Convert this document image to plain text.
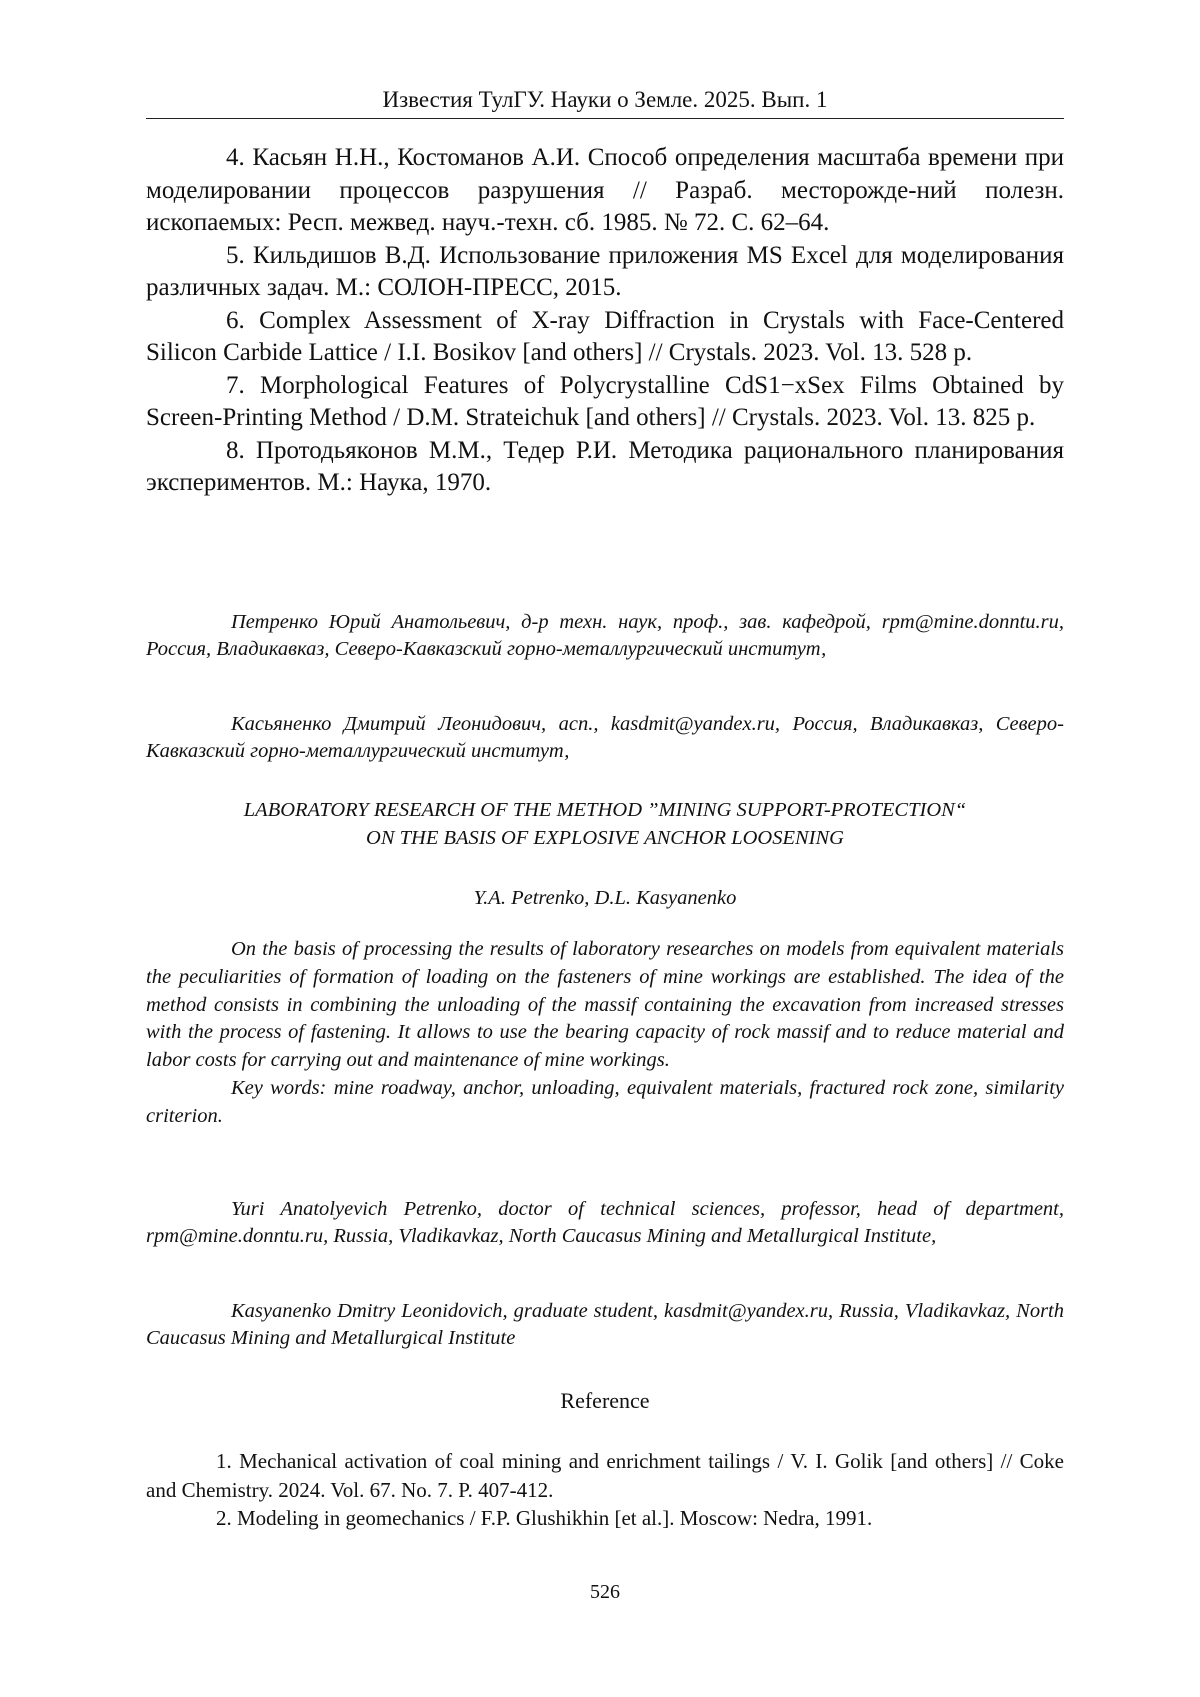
Известия ТулГУ. Науки о Земле. 2025. Вып. 1

4. Касьян Н.Н., Костоманов А.И. Способ определения масштаба времени при моделировании процессов разрушения // Разраб. месторожде-ний полезн. ископаемых: Респ. межвед. науч.-техн. сб. 1985. № 72. С. 62–64.

5. Кильдишов В.Д. Использование приложения MS Excel для моделирования различных задач. М.: СОЛОН-ПРЕСС, 2015.

6. Complex Assessment of X-ray Diffraction in Crystals with Face-Centered Silicon Carbide Lattice / I.I. Bosikov [and others] // Crystals. 2023. Vol. 13. 528 p.

7. Morphological Features of Polycrystalline CdS1−xSex Films Obtained by Screen-Printing Method / D.M. Strateichuk [and others] // Crystals. 2023. Vol. 13. 825 p.

8. Протодьяконов М.М., Тедер Р.И. Методика рационального планирования экспериментов. М.: Наука, 1970.

Петренко Юрий Анатольевич, д-р техн. наук, проф., зав. кафедрой, rpm@mine.donntu.ru, Россия, Владикавказ, Северо-Кавказский горно-металлургический институт,

Касьяненко Дмитрий Леонидович, асп., kasdmit@yandex.ru, Россия, Владикавказ, Северо-Кавказский горно-металлургический институт,

LABORATORY RESEARCH OF THE METHOD ”MINING SUPPORT-PROTECTION“
ON THE BASIS OF EXPLOSIVE ANCHOR LOOSENING
Y.A. Petrenko, D.L. Kasyanenko

On the basis of processing the results of laboratory researches on models from equivalent materials the peculiarities of formation of loading on the fasteners of mine workings are established. The idea of the method consists in combining the unloading of the massif containing the excavation from increased stresses with the process of fastening. It allows to use the bearing capacity of rock massif and to reduce material and labor costs for carrying out and maintenance of mine workings.

Key words: mine roadway, anchor, unloading, equivalent materials, fractured rock zone, similarity criterion.

Yuri Anatolyevich Petrenko, doctor of technical sciences, professor, head of department, rpm@mine.donntu.ru, Russia, Vladikavkaz, North Caucasus Mining and Metallurgical Institute,

Kasyanenko Dmitry Leonidovich, graduate student, kasdmit@yandex.ru, Russia, Vladikavkaz, North Caucasus Mining and Metallurgical Institute

Reference

1. Mechanical activation of coal mining and enrichment tailings / V. I. Golik [and others] // Coke and Chemistry. 2024. Vol. 67. No. 7. P. 407-412.

2. Modeling in geomechanics / F.P. Glushikhin [et al.]. Moscow: Nedra, 1991.

526
